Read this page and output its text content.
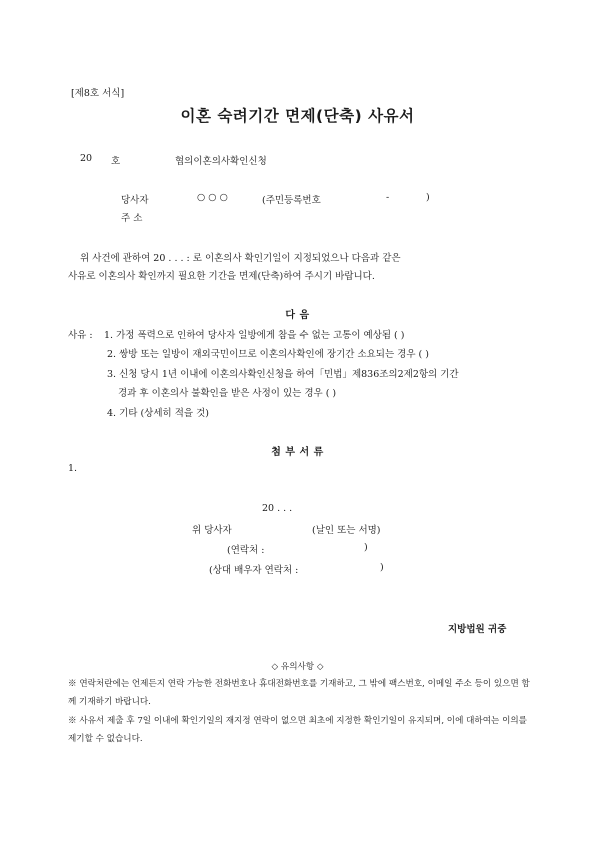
[제8호 서식]
이혼 숙려기간 면제(단축) 사유서
20 호	협의이혼의사확인신청
당사자	○ ○ ○	(주민등록번호	-	)
주 소
위 사건에 관하여 20 . . . : 로 이혼의사 확인기일이 지정되었으나 다음과 같은
사유로 이혼의사 확인까지 필요한 기간을 면제(단축)하여 주시기 바랍니다.
다 음
사유 : 1. 가정 폭력으로 인하여 당사자 일방에게 참을 수 없는 고통이 예상됨 ( )
2. 쌍방 또는 일방이 재외국민이므로 이혼의사확인에 장기간 소요되는 경우 ( )
3. 신청 당시 1년 이내에 이혼의사확인신청을 하여「민법」제836조의2제2항의 기간
경과 후 이혼의사 불확인을 받은 사정이 있는 경우 ( )
4. 기타 (상세히 적을 것)
첨 부 서 류
1.
20 . . .
위 당사자	(날인 또는 서명)
(연락처 :	)
(상대 배우자 연락처 :	)
지방법원 귀중
◇ 유의사항 ◇
※ 연락처란에는 언제든지 연락 가능한 전화번호나 휴대전화번호를 기재하고, 그 밖에 팩스번호, 이메일 주소 등이 있으면 함께 기재하기 바랍니다.
※ 사유서 제출 후 7일 이내에 확인기일의 재지정 연락이 없으면 최초에 지정한 확인기일이 유지되며, 이에 대하여는 이의를 제기할 수 없습니다.
